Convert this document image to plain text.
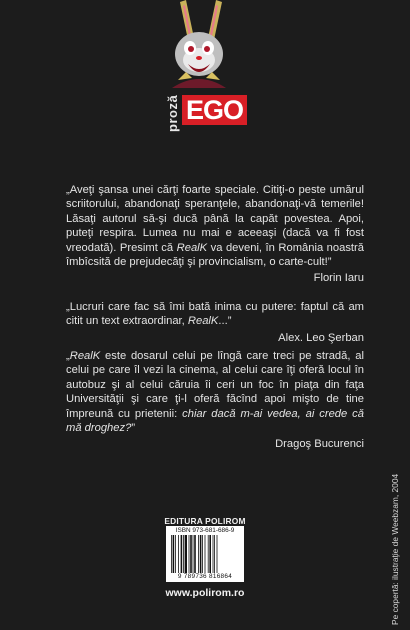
proză EGO

„Aveţi şansa unei cărţi foarte speciale. Citiţi-o peste umărul scriitorului, abandonaţi speranţele, abandonaţi-vă temerile! Lăsaţi autorul să-şi ducă până la capăt povestea. Apoi, puteţi respira. Lumea nu mai e aceeaşi (dacă va fi fost vreodată). Presimt că RealK va deveni, în România noastră îmbîcsită de prejudecăţi şi provincialism, o carte-cult!”

Florin Iaru

„Lucruri care fac să îmi bată inima cu putere: faptul că am citit un text extraordinar, RealK...”

Alex. Leo Şerban

„RealK este dosarul celui pe lîngă care treci pe stradă, al celui pe care îl vezi la cinema, al celui care îţi oferă locul în autobuz şi al celui căruia îi ceri un foc în piaţa din faţa Universităţii şi care ţi-l oferă făcînd apoi mişto de tine împreună cu prietenii: chiar dacă m-ai vedea, ai crede că mă droghez?”

Dragoş Bucurenci
Pe copertă: ilustraţie de Weebzam, 2004
EDITURA POLIROM
ISBN 973-681-686-9
9 789736 816864
www.polirom.ro
